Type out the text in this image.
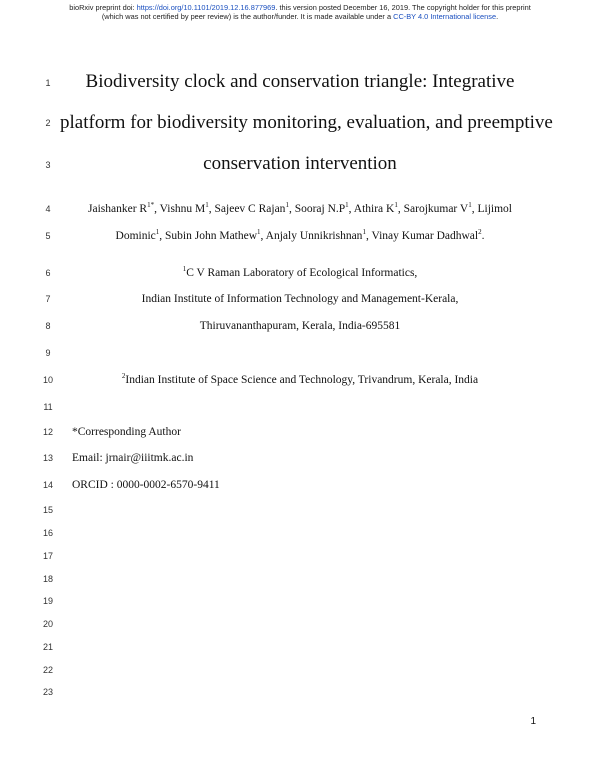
bioRxiv preprint doi: https://doi.org/10.1101/2019.12.16.877969. this version posted December 16, 2019. The copyright holder for this preprint
(which was not certified by peer review) is the author/funder. It is made available under a CC-BY 4.0 International license.
1
2
3
4
5
6
7
8
9
10
11
12
13
14
15
16
17
18
19
20
21
22
23
Biodiversity clock and conservation triangle: Integrative
platform for biodiversity monitoring, evaluation, and preemptive
conservation intervention
Jaishanker $R^{1*}$, Vishnu $M^1$, Sajeev C Rajan$^1$, Sooraj $N.P^1$, Athira $K^1$, Sarojkumar $V^1$, Lijimol
Dominic$^1$, Subin John Mathew$^1$, Anjaly Unnikrishnan$^1$, Vinay Kumar Dadhwal$^2$.
$^1$C V Raman Laboratory of Ecological Informatics,
Indian Institute of Information Technology and Management-Kerala,
Thiruvananthapuram, Kerala, India-695581
$^2$Indian Institute of Space Science and Technology, Trivandrum, Kerala, India
*Corresponding Author
Email: jrnair@iiitmk.ac.in
ORCID : 0000-0002-6570-9411
1
